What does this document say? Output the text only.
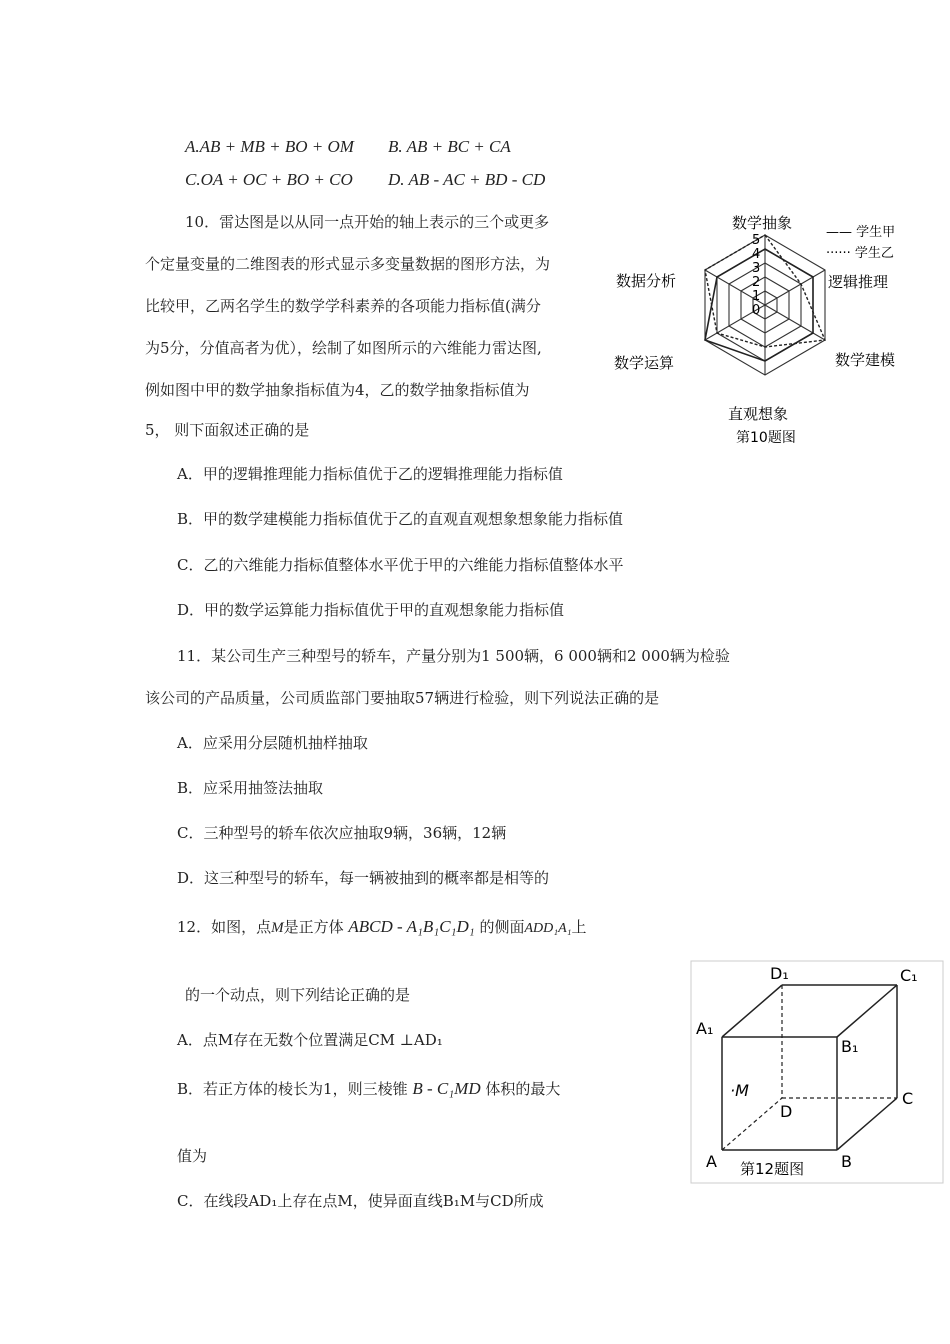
A.AB + MB + BO + OM B. AB + BC + CA
C.OA + OC + BO + CO D. AB - AC + BD - CD
10．雷达图是以从同一点开始的轴上表示的三个或更多
个定量变量的二维图表的形式显示多变量数据的图形方法，为
比较甲，乙两名学生的数学学科素养的各项能力指标值(满分
为5分，分值高者为优），绘制了如图所示的六维能力雷达图,
例如图中甲的数学抽象指标值为4，乙的数学抽象指标值为
5， 则下面叙述正确的是
A．甲的逻辑推理能力指标值优于乙的逻辑推理能力指标值
B．甲的数学建模能力指标值优于乙的直观直观想象想象能力指标值
C．乙的六维能力指标值整体水平优于甲的六维能力指标值整体水平
D．甲的数学运算能力指标值优于甲的直观想象能力指标值
5
4
3
2
1
0
数学抽象
逻辑推理
数学建模
直观想象
数学运算
数据分析
—— 学生甲
······ 学生乙
第10题图
11．某公司生产三种型号的轿车，产量分别为1 500辆，6 000辆和2 000辆为检验
该公司的产品质量，公司质监部门要抽取57辆进行检验，则下列说法正确的是
A．应采用分层随机抽样抽取
B．应采用抽签法抽取
C．三种型号的轿车依次应抽取9辆，36辆，12辆
D．这三种型号的轿车，每一辆被抽到的概率都是相等的
12．如图，点M是正方体 ABCD - A₁B₁C₁D₁ 的侧面ADD₁A₁上
的一个动点，则下列结论正确的是
A．点M存在无数个位置满足CM ⊥AD₁
B．若正方体的棱长为1，则三棱锥 B - C₁MD 体积的最大
值为
C．在线段AD₁上存在点M，使异面直线B₁M与CD所成
D₁	C₁
A₁
B₁
·M
D
C
A	B
第12题图
